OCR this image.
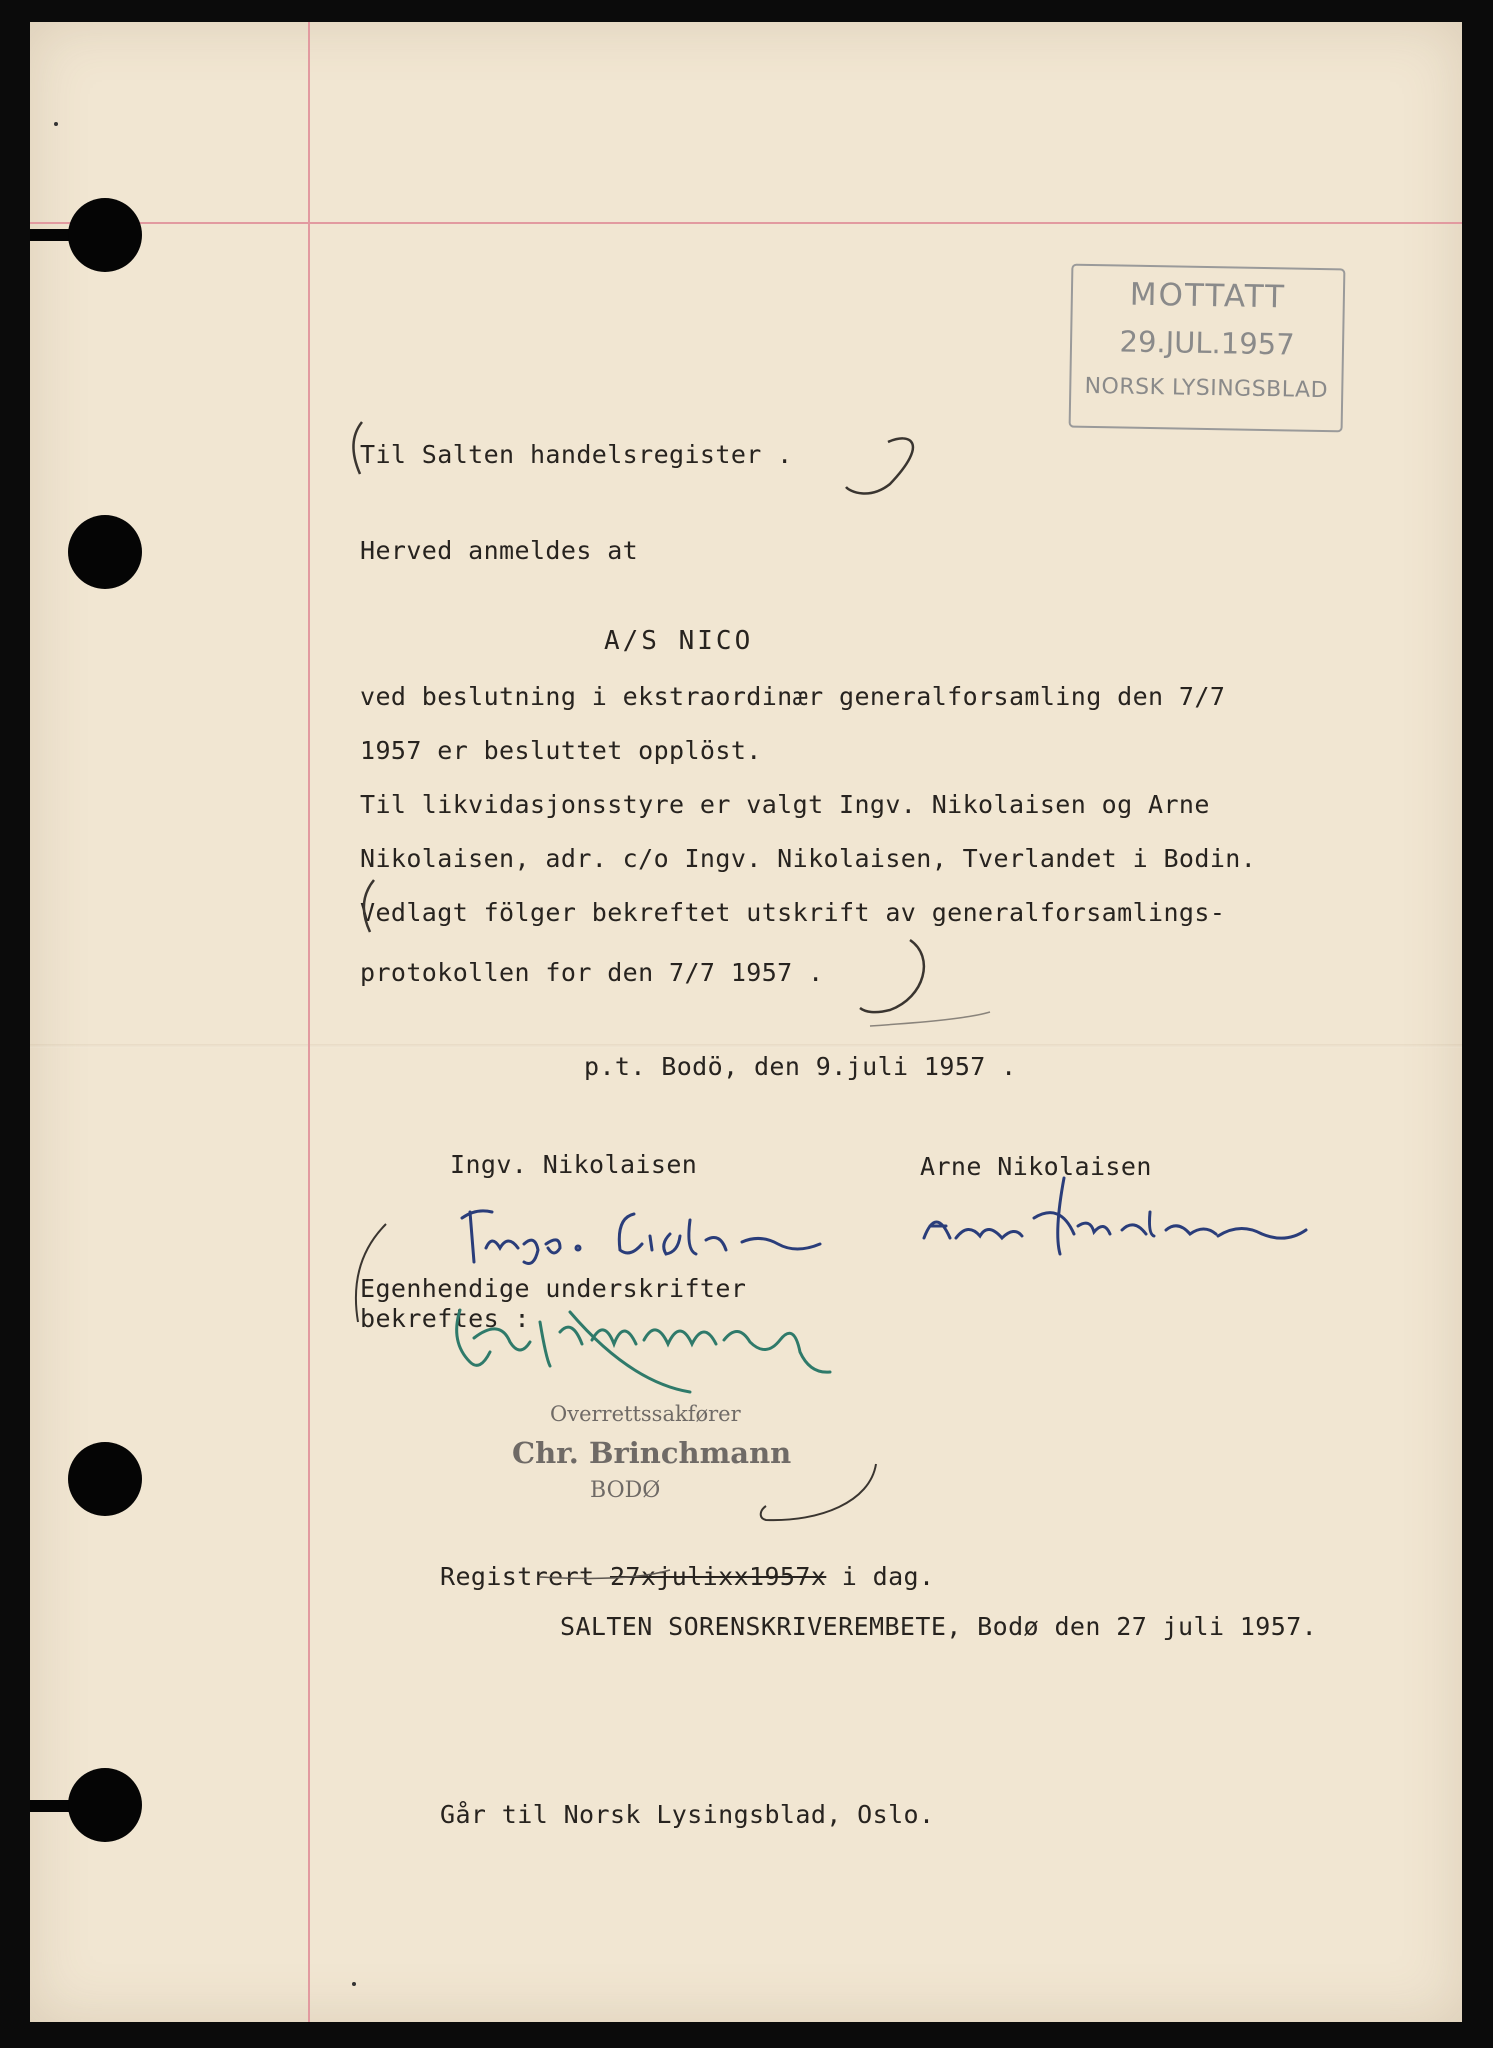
MOTTATT
29.JUL.1957
NORSK LYSINGSBLAD
Til Salten handelsregister .
Herved anmeldes at
A/S NICO
ved beslutning i ekstraordinær generalforsamling den 7/7
1957 er besluttet opplöst.
Til likvidasjonsstyre er valgt Ingv. Nikolaisen og Arne
Nikolaisen, adr. c/o Ingv. Nikolaisen, Tverlandet i Bodin.
Vedlagt fölger bekreftet utskrift av generalforsamlings-
protokollen for den 7/7 1957 .
p.t. Bodö, den 9.juli 1957 .
Ingv. Nikolaisen	Arne Nikolaisen
Egenhendige underskrifter
bekreftes :
Overrettssakfører
Chr. Brinchmann
BODØ
Registrert 27xjulixx1957x i dag.
SALTEN SORENSKRIVEREMBETE, Bodø den 27 juli 1957.
Går til Norsk Lysingsblad, Oslo.
